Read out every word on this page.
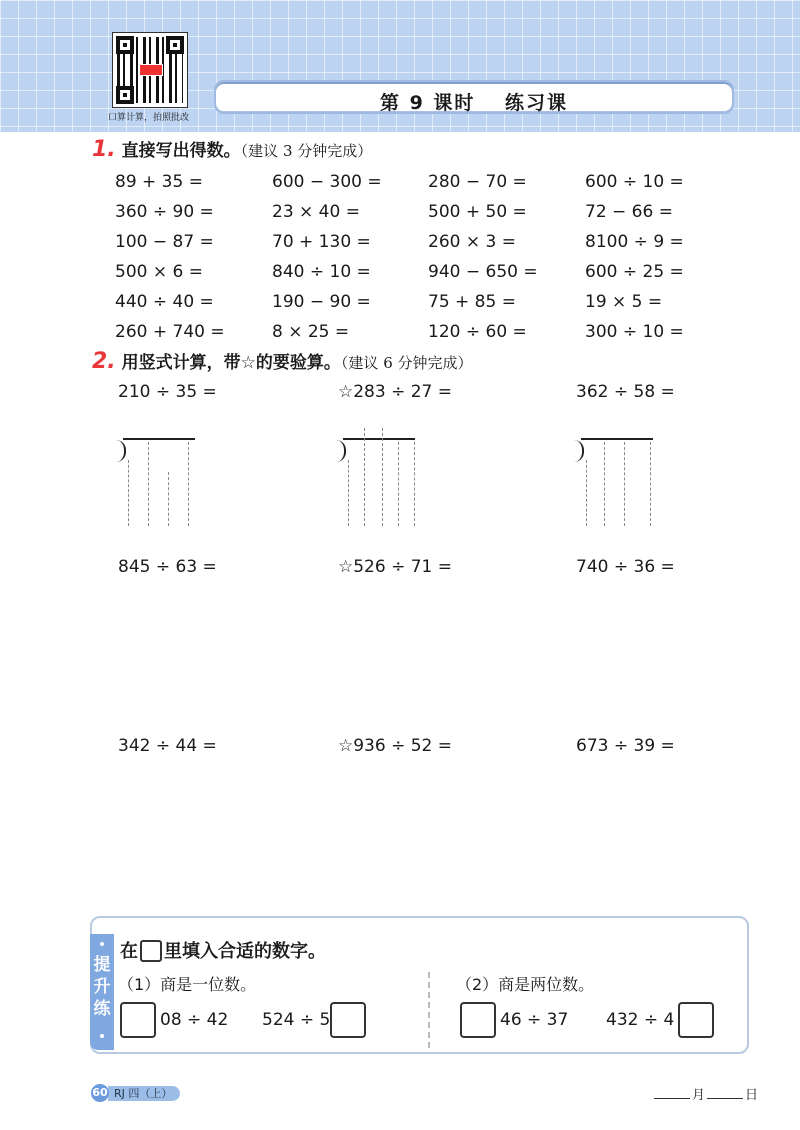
口算计算，拍照批改
第 9 课时　 练习课
1. 直接写出得数。（建议 3 分钟完成）
89 + 35 =	600 − 300 =	280 − 70 =	600 ÷ 10 =
360 ÷ 90 =	23 × 40 =	500 + 50 =	72 − 66 =
100 − 87 =	70 + 130 =	260 × 3 =	8100 ÷ 9 =
500 × 6 =	840 ÷ 10 =	940 − 650 =	600 ÷ 25 =
440 ÷ 40 =	190 − 90 =	75 + 85 =	19 × 5 =
260 + 740 =	8 × 25 =	120 ÷ 60 =	300 ÷ 10 =
2. 用竖式计算，带☆的要验算。（建议 6 分钟完成）
210 ÷ 35 =	☆283 ÷ 27 =	362 ÷ 58 =
845 ÷ 63 =	☆526 ÷ 71 =	740 ÷ 36 =
342 ÷ 44 =	☆936 ÷ 52 =	673 ÷ 39 =
提升练
在 里填入合适的数字。
（1）商是一位数。	（2）商是两位数。
08 ÷ 42 524 ÷ 5	46 ÷ 37 432 ÷ 4
RJ 四（上）
60	月	日
